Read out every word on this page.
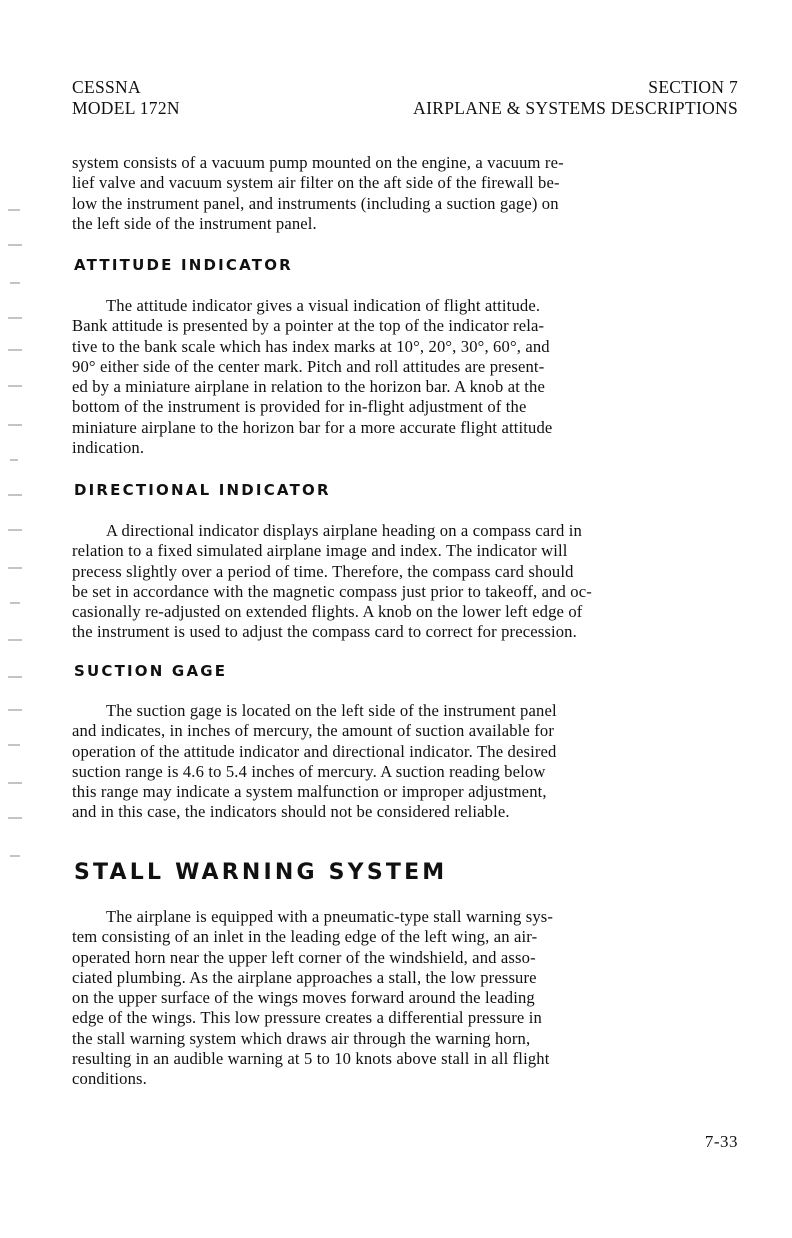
CESSNA
MODEL 172N
SECTION 7
AIRPLANE & SYSTEMS DESCRIPTIONS

system consists of a vacuum pump mounted on the engine, a vacuum re-
lief valve and vacuum system air filter on the aft side of the firewall be-
low the instrument panel, and instruments (including a suction gage) on
the left side of the instrument panel.

ATTITUDE INDICATOR

The attitude indicator gives a visual indication of flight attitude.
Bank attitude is presented by a pointer at the top of the indicator rela-
tive to the bank scale which has index marks at 10°, 20°, 30°, 60°, and
90° either side of the center mark. Pitch and roll attitudes are present-
ed by a miniature airplane in relation to the horizon bar. A knob at the
bottom of the instrument is provided for in-flight adjustment of the
miniature airplane to the horizon bar for a more accurate flight attitude
indication.

DIRECTIONAL INDICATOR

A directional indicator displays airplane heading on a compass card in
relation to a fixed simulated airplane image and index. The indicator will
precess slightly over a period of time. Therefore, the compass card should
be set in accordance with the magnetic compass just prior to takeoff, and oc-
casionally re-adjusted on extended flights. A knob on the lower left edge of
the instrument is used to adjust the compass card to correct for precession.

SUCTION GAGE

The suction gage is located on the left side of the instrument panel
and indicates, in inches of mercury, the amount of suction available for
operation of the attitude indicator and directional indicator. The desired
suction range is 4.6 to 5.4 inches of mercury. A suction reading below
this range may indicate a system malfunction or improper adjustment,
and in this case, the indicators should not be considered reliable.

STALL WARNING SYSTEM

The airplane is equipped with a pneumatic-type stall warning sys-
tem consisting of an inlet in the leading edge of the left wing, an air-
operated horn near the upper left corner of the windshield, and asso-
ciated plumbing. As the airplane approaches a stall, the low pressure
on the upper surface of the wings moves forward around the leading
edge of the wings. This low pressure creates a differential pressure in
the stall warning system which draws air through the warning horn,
resulting in an audible warning at 5 to 10 knots above stall in all flight
conditions.

7-33
